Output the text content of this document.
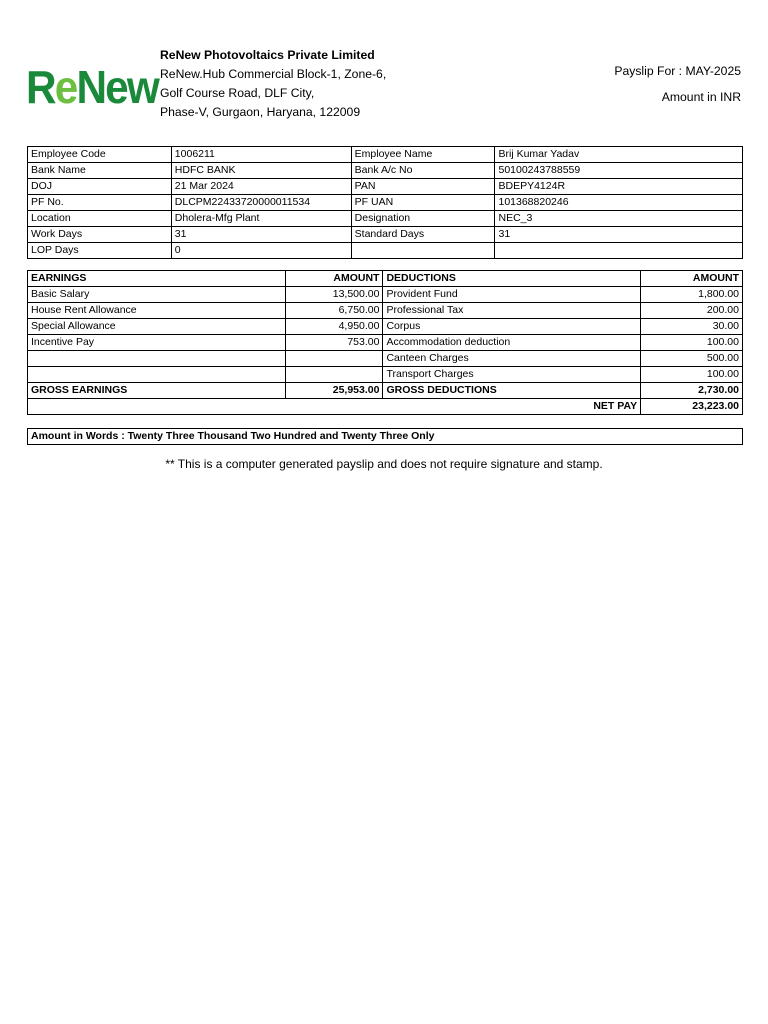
ReNew
ReNew Photovoltaics Private Limited
ReNew.Hub Commercial Block-1, Zone-6,
Golf Course Road, DLF City,
Phase-V, Gurgaon, Haryana, 122009
Payslip For : MAY-2025
Amount in INR
Employee Code	1006211	Employee Name	Brij Kumar Yadav
Bank Name	HDFC BANK	Bank A/c No	50100243788559
DOJ	21 Mar 2024	PAN	BDEPY4124R
PF No.	DLCPM22433720000011534	PF UAN	101368820246
Location	Dholera-Mfg Plant	Designation	NEC_3
Work Days	31	Standard Days	31
LOP Days	0		
EARNINGS	AMOUNT	DEDUCTIONS	AMOUNT
Basic Salary	13,500.00	Provident Fund	1,800.00
House Rent Allowance	6,750.00	Professional Tax	200.00
Special Allowance	4,950.00	Corpus	30.00
Incentive Pay	753.00	Accommodation deduction	100.00
		Canteen Charges	500.00
		Transport Charges	100.00
GROSS EARNINGS	25,953.00	GROSS DEDUCTIONS	2,730.00
NET PAY			23,223.00
Amount in Words : Twenty Three Thousand Two Hundred and Twenty Three Only
** This is a computer generated payslip and does not require signature and stamp.
